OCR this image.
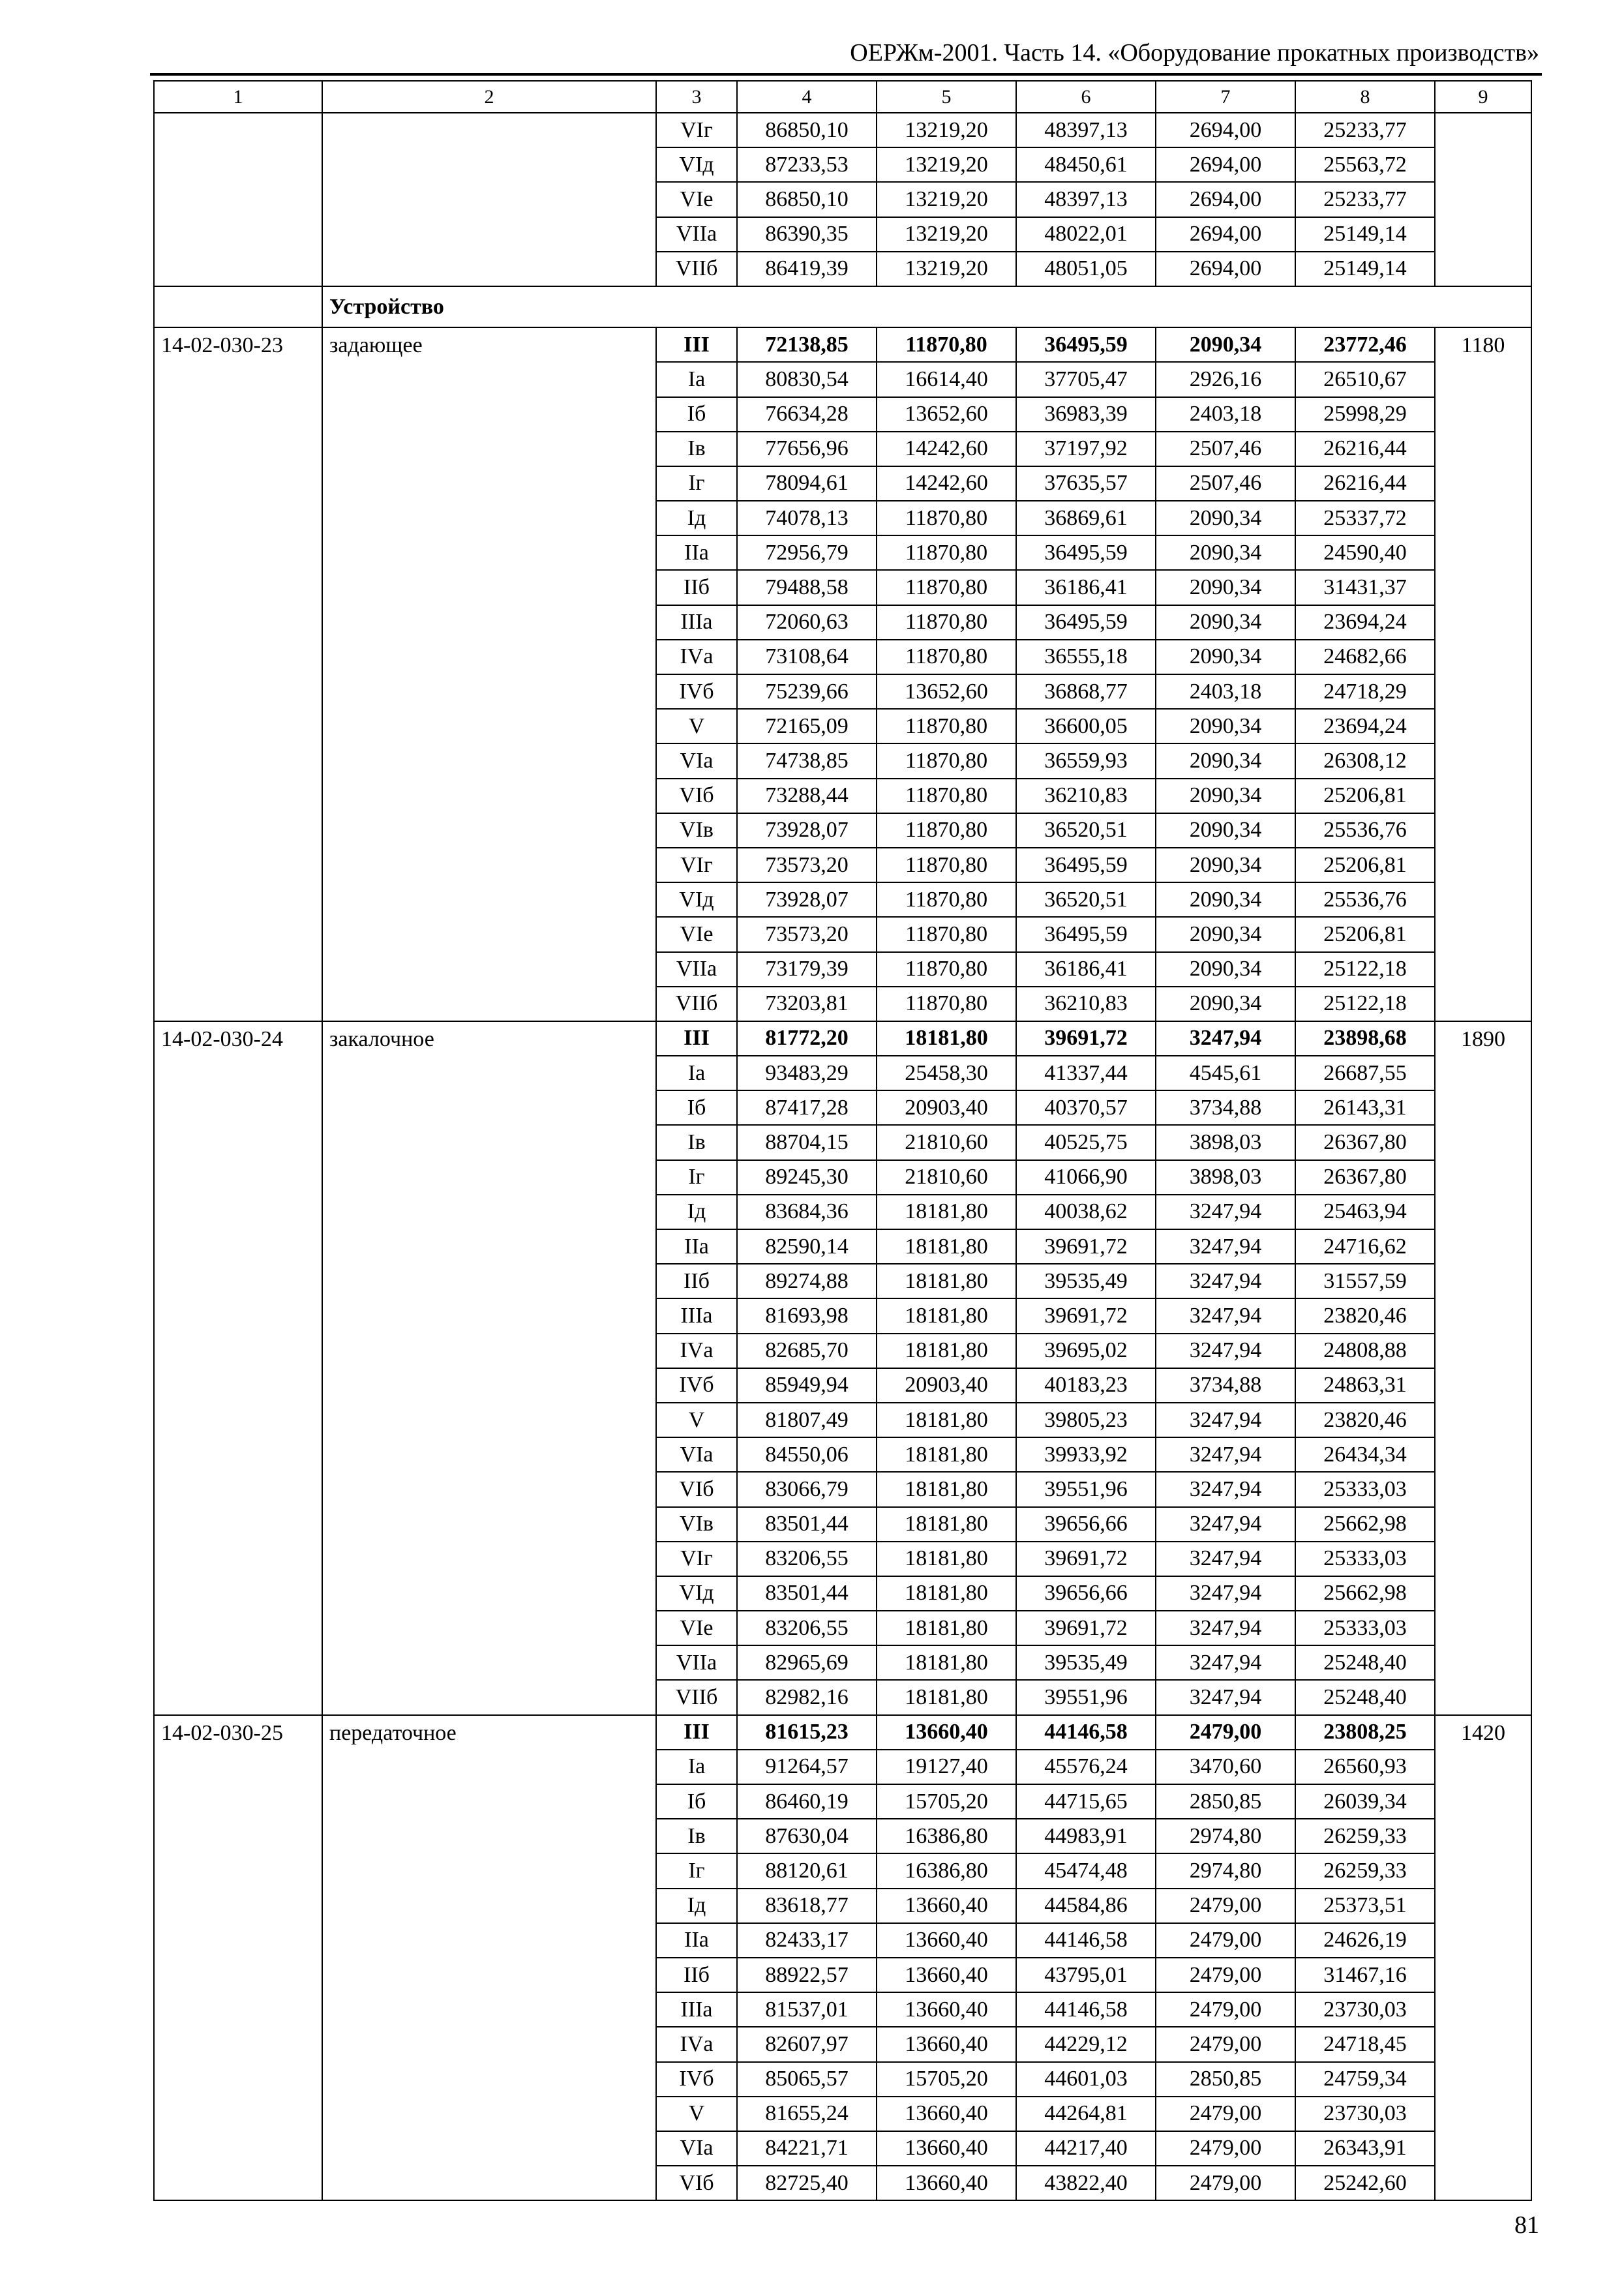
ОЕРЖм-2001. Часть 14. «Оборудование прокатных производств»
1	2	3	4	5	6	7	8	9
		VIг	86850,10	13219,20	48397,13	2694,00	25233,77	
		VIд	87233,53	13219,20	48450,61	2694,00	25563,72	
		VIе	86850,10	13219,20	48397,13	2694,00	25233,77	
		VIIа	86390,35	13219,20	48022,01	2694,00	25149,14	
		VIIб	86419,39	13219,20	48051,05	2694,00	25149,14	
	Устройство							
14-02-030-23	задающее	III	72138,85	11870,80	36495,59	2090,34	23772,46	1180
		Iа	80830,54	16614,40	37705,47	2926,16	26510,67	
		Iб	76634,28	13652,60	36983,39	2403,18	25998,29	
		Iв	77656,96	14242,60	37197,92	2507,46	26216,44	
		Iг	78094,61	14242,60	37635,57	2507,46	26216,44	
		Iд	74078,13	11870,80	36869,61	2090,34	25337,72	
		IIа	72956,79	11870,80	36495,59	2090,34	24590,40	
		IIб	79488,58	11870,80	36186,41	2090,34	31431,37	
		IIIа	72060,63	11870,80	36495,59	2090,34	23694,24	
		IVа	73108,64	11870,80	36555,18	2090,34	24682,66	
		IVб	75239,66	13652,60	36868,77	2403,18	24718,29	
		V	72165,09	11870,80	36600,05	2090,34	23694,24	
		VIа	74738,85	11870,80	36559,93	2090,34	26308,12	
		VIб	73288,44	11870,80	36210,83	2090,34	25206,81	
		VIв	73928,07	11870,80	36520,51	2090,34	25536,76	
		VIг	73573,20	11870,80	36495,59	2090,34	25206,81	
		VIд	73928,07	11870,80	36520,51	2090,34	25536,76	
		VIе	73573,20	11870,80	36495,59	2090,34	25206,81	
		VIIа	73179,39	11870,80	36186,41	2090,34	25122,18	
		VIIб	73203,81	11870,80	36210,83	2090,34	25122,18	
14-02-030-24	закалочное	III	81772,20	18181,80	39691,72	3247,94	23898,68	1890
		Iа	93483,29	25458,30	41337,44	4545,61	26687,55	
		Iб	87417,28	20903,40	40370,57	3734,88	26143,31	
		Iв	88704,15	21810,60	40525,75	3898,03	26367,80	
		Iг	89245,30	21810,60	41066,90	3898,03	26367,80	
		Iд	83684,36	18181,80	40038,62	3247,94	25463,94	
		IIа	82590,14	18181,80	39691,72	3247,94	24716,62	
		IIб	89274,88	18181,80	39535,49	3247,94	31557,59	
		IIIа	81693,98	18181,80	39691,72	3247,94	23820,46	
		IVа	82685,70	18181,80	39695,02	3247,94	24808,88	
		IVб	85949,94	20903,40	40183,23	3734,88	24863,31	
		V	81807,49	18181,80	39805,23	3247,94	23820,46	
		VIа	84550,06	18181,80	39933,92	3247,94	26434,34	
		VIб	83066,79	18181,80	39551,96	3247,94	25333,03	
		VIв	83501,44	18181,80	39656,66	3247,94	25662,98	
		VIг	83206,55	18181,80	39691,72	3247,94	25333,03	
		VIд	83501,44	18181,80	39656,66	3247,94	25662,98	
		VIе	83206,55	18181,80	39691,72	3247,94	25333,03	
		VIIа	82965,69	18181,80	39535,49	3247,94	25248,40	
		VIIб	82982,16	18181,80	39551,96	3247,94	25248,40	
14-02-030-25	передаточное	III	81615,23	13660,40	44146,58	2479,00	23808,25	1420
		Iа	91264,57	19127,40	45576,24	3470,60	26560,93	
		Iб	86460,19	15705,20	44715,65	2850,85	26039,34	
		Iв	87630,04	16386,80	44983,91	2974,80	26259,33	
		Iг	88120,61	16386,80	45474,48	2974,80	26259,33	
		Iд	83618,77	13660,40	44584,86	2479,00	25373,51	
		IIа	82433,17	13660,40	44146,58	2479,00	24626,19	
		IIб	88922,57	13660,40	43795,01	2479,00	31467,16	
		IIIа	81537,01	13660,40	44146,58	2479,00	23730,03	
		IVа	82607,97	13660,40	44229,12	2479,00	24718,45	
		IVб	85065,57	15705,20	44601,03	2850,85	24759,34	
		V	81655,24	13660,40	44264,81	2479,00	23730,03	
		VIа	84221,71	13660,40	44217,40	2479,00	26343,91	
		VIб	82725,40	13660,40	43822,40	2479,00	25242,60	
81
